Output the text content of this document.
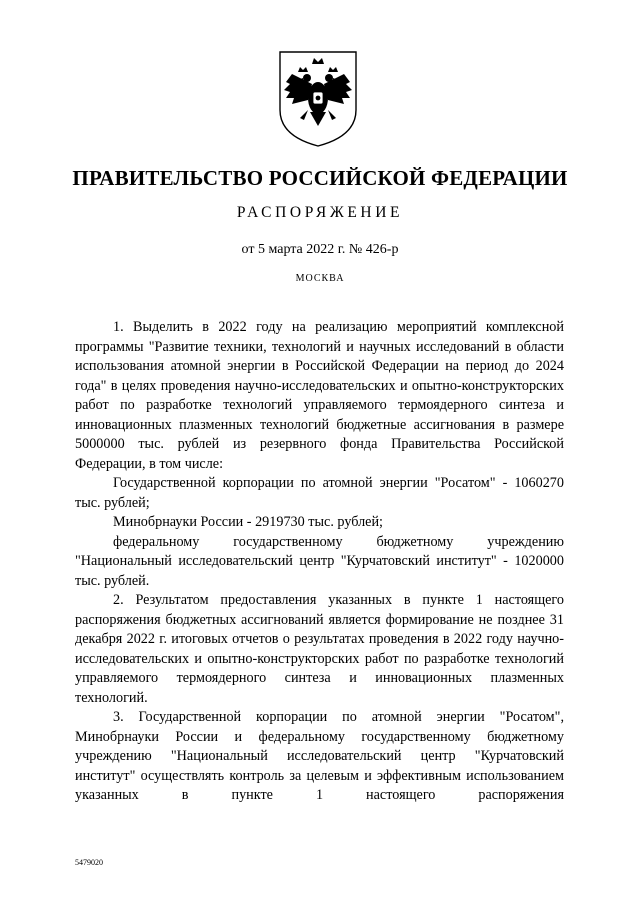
ПРАВИТЕЛЬСТВО РОССИЙСКОЙ ФЕДЕРАЦИИ
РАСПОРЯЖЕНИЕ
от 5 марта 2022 г. № 426-р
МОСКВА

1. Выделить в 2022 году на реализацию мероприятий комплексной программы "Развитие техники, технологий и научных исследований в области использования атомной энергии в Российской Федерации на период до 2024 года" в целях проведения научно-исследовательских и опытно-конструкторских работ по разработке технологий управляемого термоядерного синтеза и инновационных плазменных технологий бюджетные ассигнования в размере 5000000 тыс. рублей из резервного фонда Правительства Российской Федерации, в том числе:

Государственной корпорации по атомной энергии "Росатом" - 1060270 тыс. рублей;

Минобрнауки России - 2919730 тыс. рублей;

федеральному государственному бюджетному учреждению "Национальный исследовательский центр "Курчатовский институт" - 1020000 тыс. рублей.

2. Результатом предоставления указанных в пункте 1 настоящего распоряжения бюджетных ассигнований является формирование не позднее 31 декабря 2022 г. итоговых отчетов о результатах проведения в 2022 году научно-исследовательских и опытно-конструкторских работ по разработке технологий управляемого термоядерного синтеза и инновационных плазменных технологий.

3. Государственной корпорации по атомной энергии "Росатом", Минобрнауки России и федеральному государственному бюджетному учреждению "Национальный исследовательский центр "Курчатовский институт" осуществлять контроль за целевым и эффективным использованием указанных в пункте 1 настоящего распоряжения

5479020
